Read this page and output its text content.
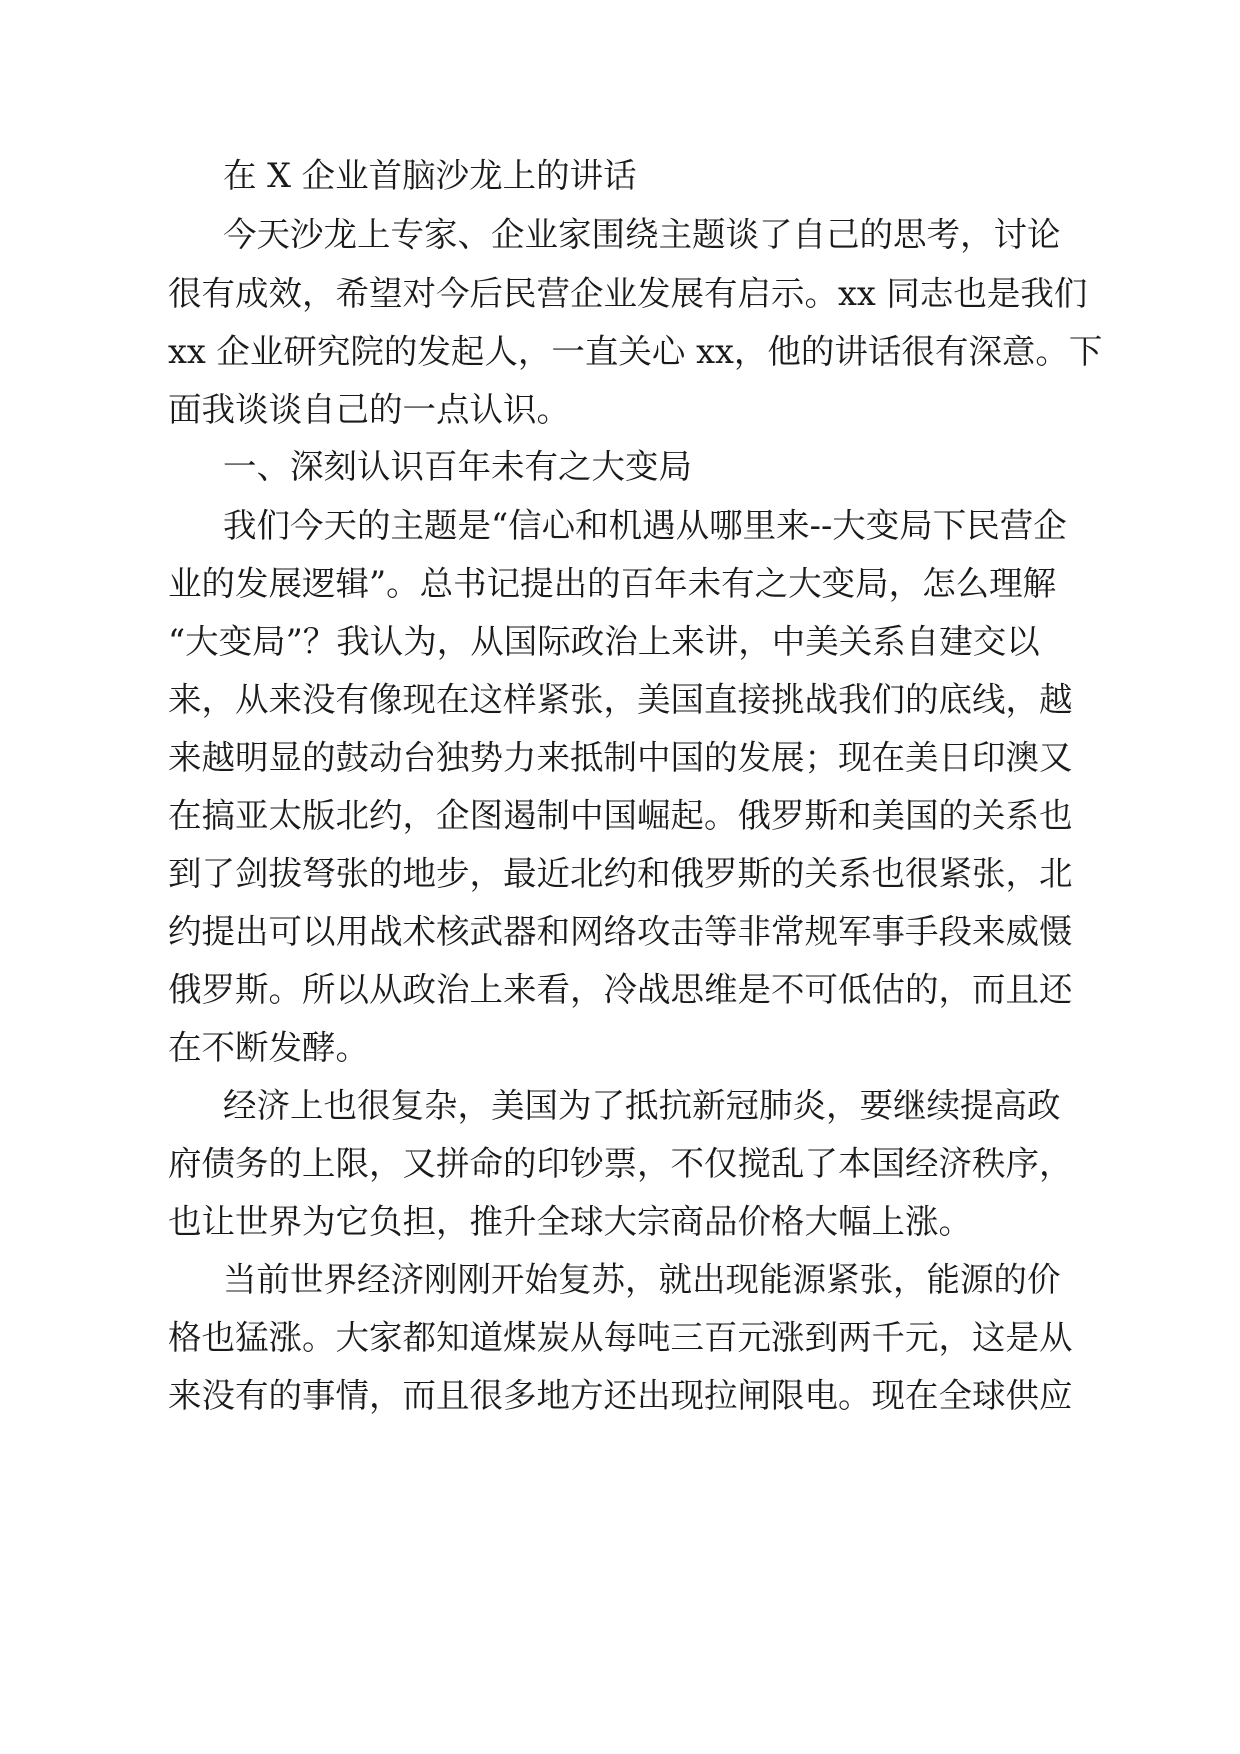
在 X 企业首脑沙龙上的讲话

今天沙龙上专家、企业家围绕主题谈了自己的思考，讨论

很有成效，希望对今后民营企业发展有启示。xx 同志也是我们

xx 企业研究院的发起人，一直关心 xx，他的讲话很有深意。下

面我谈谈自己的一点认识。

一、深刻认识百年未有之大变局

我们今天的主题是“信心和机遇从哪里来--大变局下民营企

业的发展逻辑”。总书记提出的百年未有之大变局，怎么理解

“大变局”？我认为，从国际政治上来讲，中美关系自建交以

来，从来没有像现在这样紧张，美国直接挑战我们的底线，越

来越明显的鼓动台独势力来抵制中国的发展；现在美日印澳又

在搞亚太版北约，企图遏制中国崛起。俄罗斯和美国的关系也

到了剑拔弩张的地步，最近北约和俄罗斯的关系也很紧张，北

约提出可以用战术核武器和网络攻击等非常规军事手段来威慑

俄罗斯。所以从政治上来看，冷战思维是不可低估的，而且还

在不断发酵。

经济上也很复杂，美国为了抵抗新冠肺炎，要继续提高政

府债务的上限，又拼命的印钞票，不仅搅乱了本国经济秩序，

也让世界为它负担，推升全球大宗商品价格大幅上涨。

当前世界经济刚刚开始复苏，就出现能源紧张，能源的价

格也猛涨。大家都知道煤炭从每吨三百元涨到两千元，这是从

来没有的事情，而且很多地方还出现拉闸限电。现在全球供应
